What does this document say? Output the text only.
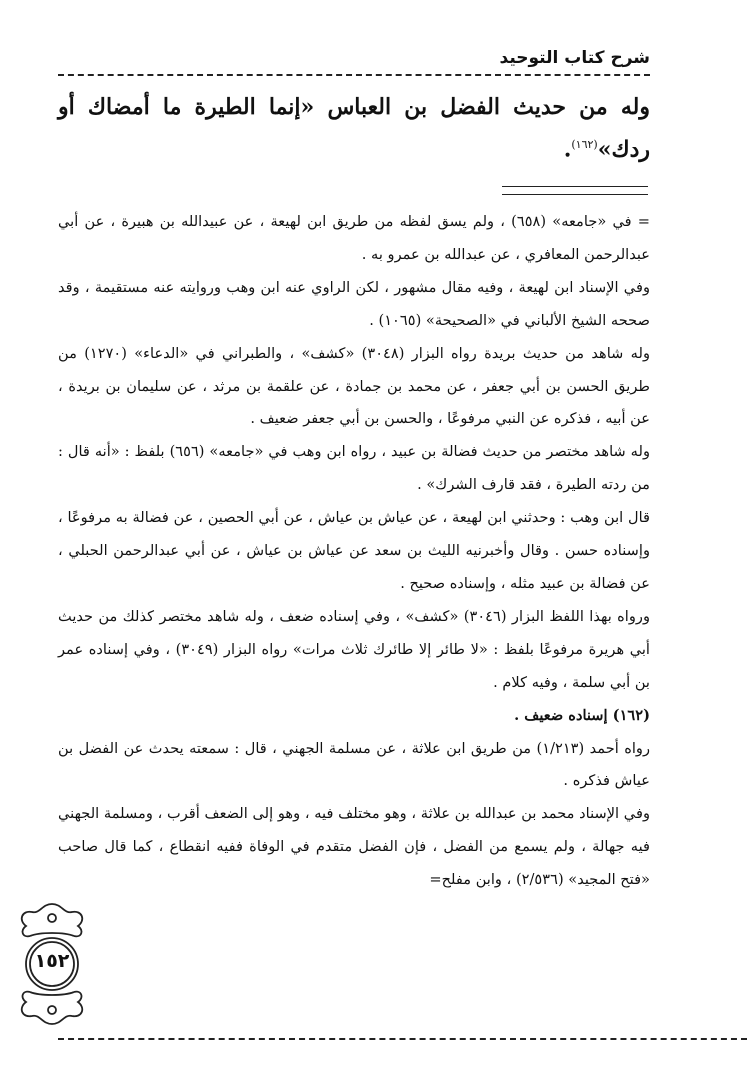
شرح كتاب التوحيد
وله من حديث الفضل بن العباس «إنما الطيرة ما أمضاك أو ردك»$^{(١٦٢)}$.

= في «جامعه» (٦٥٨) ، ولم يسق لفظه من طريق ابن لهيعة ، عن عبيدالله بن هبيرة ، عن أبي عبدالرحمن المعافري ، عن عبدالله بن عمرو به .

وفي الإسناد ابن لهيعة ، وفيه مقال مشهور ، لكن الراوي عنه ابن وهب وروايته عنه مستقيمة ، وقد صححه الشيخ الألباني في «الصحيحة» (١٠٦٥) .

وله شاهد من حديث بريدة رواه البزار (٣٠٤٨) «كشف» ، والطبراني في «الدعاء» (١٢٧٠) من طريق الحسن بن أبي جعفر ، عن محمد بن جمادة ، عن علقمة بن مرثد ، عن سليمان بن بريدة ، عن أبيه ، فذكره عن النبي مرفوعًا ، والحسن بن أبي جعفر ضعيف .

وله شاهد مختصر من حديث فضالة بن عبيد ، رواه ابن وهب في «جامعه» (٦٥٦) بلفظ : «أنه قال : من ردته الطيرة ، فقد قارف الشرك» .

قال ابن وهب : وحدثني ابن لهيعة ، عن عياش بن عياش ، عن أبي الحصين ، عن فضالة به مرفوعًا ، وإسناده حسن . وقال وأخبرنيه الليث بن سعد عن عياش بن عياش ، عن أبي عبدالرحمن الحبلي ، عن فضالة بن عبيد مثله ، وإسناده صحيح .

ورواه بهذا اللفظ البزار (٣٠٤٦) «كشف» ، وفي إسناده ضعف ، وله شاهد مختصر كذلك من حديث أبي هريرة مرفوعًا بلفظ : «لا طائر إلا طائرك ثلاث مرات» رواه البزار (٣٠٤٩) ، وفي إسناده عمر بن أبي سلمة ، وفيه كلام .

(١٦٢) إسناده ضعيف .

رواه أحمد (١/٢١٣) من طريق ابن علاثة ، عن مسلمة الجهني ، قال : سمعته يحدث عن الفضل بن عياش فذكره .

وفي الإسناد محمد بن عبدالله بن علاثة ، وهو مختلف فيه ، وهو إلى الضعف أقرب ، ومسلمة الجهني فيه جهالة ، ولم يسمع من الفضل ، فإن الفضل متقدم في الوفاة ففيه انقطاع ، كما قال صاحب «فتح المجيد» (٢/٥٣٦) ، وابن مفلح=

١٥٢
